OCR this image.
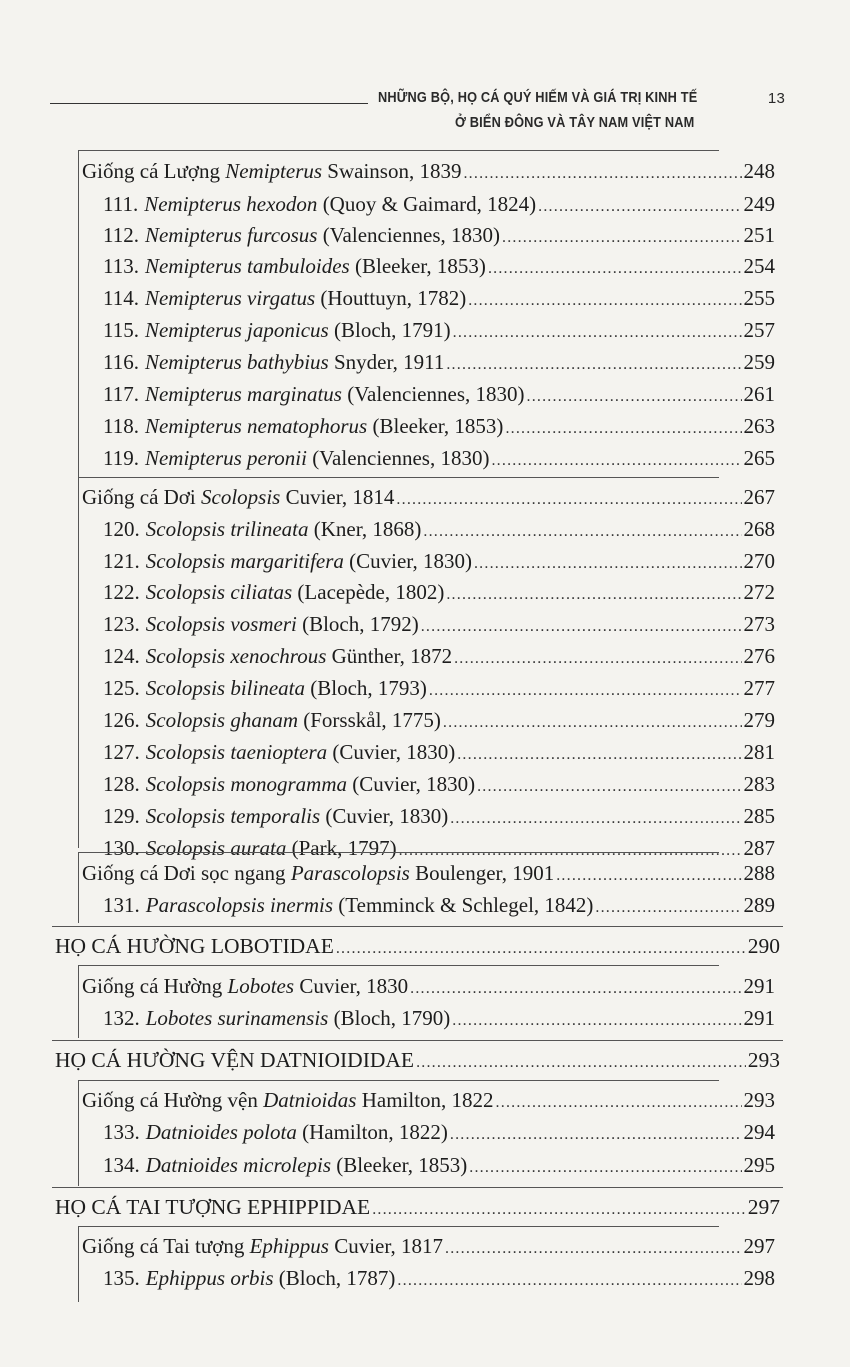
NHỮNG BỘ, HỌ CÁ QUÝ HIẾM VÀ GIÁ TRỊ KINH TẾ
Ở BIỂN ĐÔNG VÀ TÂY NAM VIỆT NAM
13
Giống cá Lượng Nemipterus Swainson, 1839 .....	248
111. Nemipterus hexodon (Quoy & Gaimard, 1824) .....	249
112. Nemipterus furcosus (Valenciennes, 1830) .....	251
113. Nemipterus tambuloides (Bleeker, 1853) .....	254
114. Nemipterus virgatus (Houttuyn, 1782) .....	255
115. Nemipterus japonicus (Bloch, 1791) .....	257
116. Nemipterus bathybius Snyder, 1911 .....	259
117. Nemipterus marginatus (Valenciennes, 1830) .....	261
118. Nemipterus nematophorus (Bleeker, 1853) .....	263
119. Nemipterus peronii (Valenciennes, 1830) .....	265
Giống cá Dơi Scolopsis Cuvier, 1814 .....	267
120. Scolopsis trilineata (Kner, 1868) .....	268
121. Scolopsis margaritifera (Cuvier, 1830) .....	270
122. Scolopsis ciliatas (Lacepède, 1802) .....	272
123. Scolopsis vosmeri (Bloch, 1792) .....	273
124. Scolopsis xenochrous Günther, 1872 .....	276
125. Scolopsis bilineata (Bloch, 1793) .....	277
126. Scolopsis ghanam (Forsskål, 1775) .....	279
127. Scolopsis taenioptera (Cuvier, 1830) .....	281
128. Scolopsis monogramma (Cuvier, 1830) .....	283
129. Scolopsis temporalis (Cuvier, 1830) .....	285
130. Scolopsis aurata (Park, 1797) .....	287
Giống cá Dơi sọc ngang Parascolopsis Boulenger, 1901 .....	288
131. Parascolopsis inermis (Temminck & Schlegel, 1842) .....	289
HỌ CÁ HƯỜNG LOBOTIDAE .....	290
Giống cá Hường Lobotes Cuvier, 1830 .....	291
132. Lobotes surinamensis (Bloch, 1790) .....	291
HỌ CÁ HƯỜNG VỆN DATNIOIDIDAE .....	293
Giống cá Hường vện Datnioidas Hamilton, 1822 .....	293
133. Datnioides polota (Hamilton, 1822) .....	294
134. Datnioides microlepis (Bleeker, 1853) .....	295
HỌ CÁ TAI TƯỢNG EPHIPPIDAE .....	297
Giống cá Tai tượng Ephippus Cuvier, 1817 .....	297
135. Ephippus orbis (Bloch, 1787) .....	298
